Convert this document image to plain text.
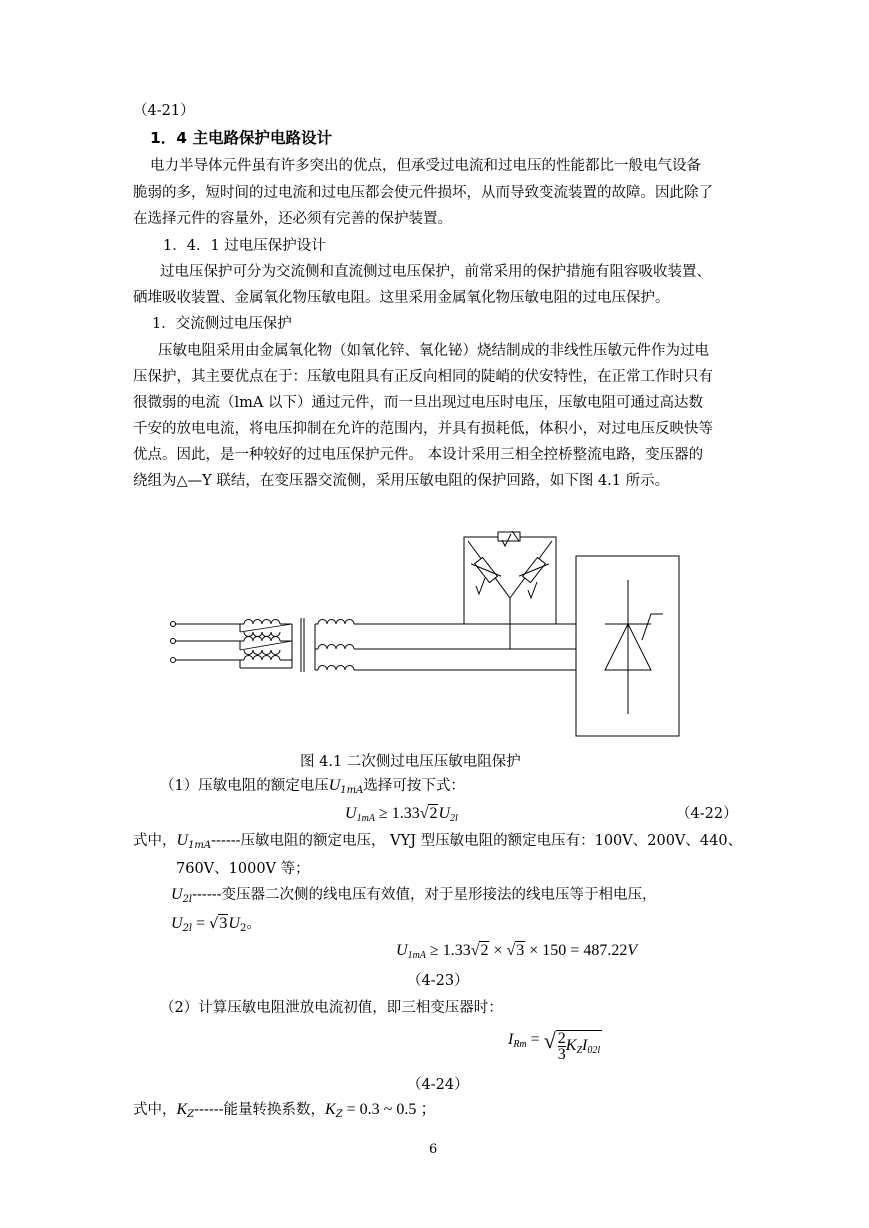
（4-21）
1．4 主电路保护电路设计
电力半导体元件虽有许多突出的优点，但承受过电流和过电压的性能都比一般电气设备
脆弱的多，短时间的过电流和过电压都会使元件损坏，从而导致变流装置的故障。因此除了
在选择元件的容量外，还必须有完善的保护装置。
1．4．1 过电压保护设计
过电压保护可分为交流侧和直流侧过电压保护，前常采用的保护措施有阻容吸收装置、
硒堆吸收装置、金属氧化物压敏电阻。这里采用金属氧化物压敏电阻的过电压保护。
1．交流侧过电压保护
压敏电阻采用由金属氧化物（如氧化锌、氧化铋）烧结制成的非线性压敏元件作为过电
压保护，其主要优点在于：压敏电阻具有正反向相同的陡峭的伏安特性，在正常工作时只有
很微弱的电流（lmA 以下）通过元件，而一旦出现过电压时电压，压敏电阻可通过高达数
千安的放电电流，将电压抑制在允许的范围内，并具有损耗低，体积小，对过电压反映快等
优点。因此，是一种较好的过电压保护元件。 本设计采用三相全控桥整流电路，变压器的
绕组为△—Y 联结，在变压器交流侧，采用压敏电阻的保护回路，如下图 4.1 所示。
图 4.1 二次侧过电压压敏电阻保护
（1）压敏电阻的额定电压$U_{1mA}$选择可按下式：
U1mA ≥ 1.33√2U2l	（4-22）
式中，$U_{1mA}------$压敏电阻的额定电压， VYJ 型压敏电阻的额定电压有：100V、200V、440、
760V、1000V 等；
$U_{2l}------$变压器二次侧的线电压有效值，对于星形接法的线电压等于相电压，
$U_{2l} = √3U_2$。
U1mA ≥ 1.33√2 × √3 × 150 = 487.22V
（4-23）
（2）计算压敏电阻泄放电流初值，即三相变压器时：
IRm = √ $\frac{2}{3} KZI02l$
（4-24）
式中，$K_Z------$能量转换系数，$K_Z = 0.3$ ~ 0.5 ；
6
